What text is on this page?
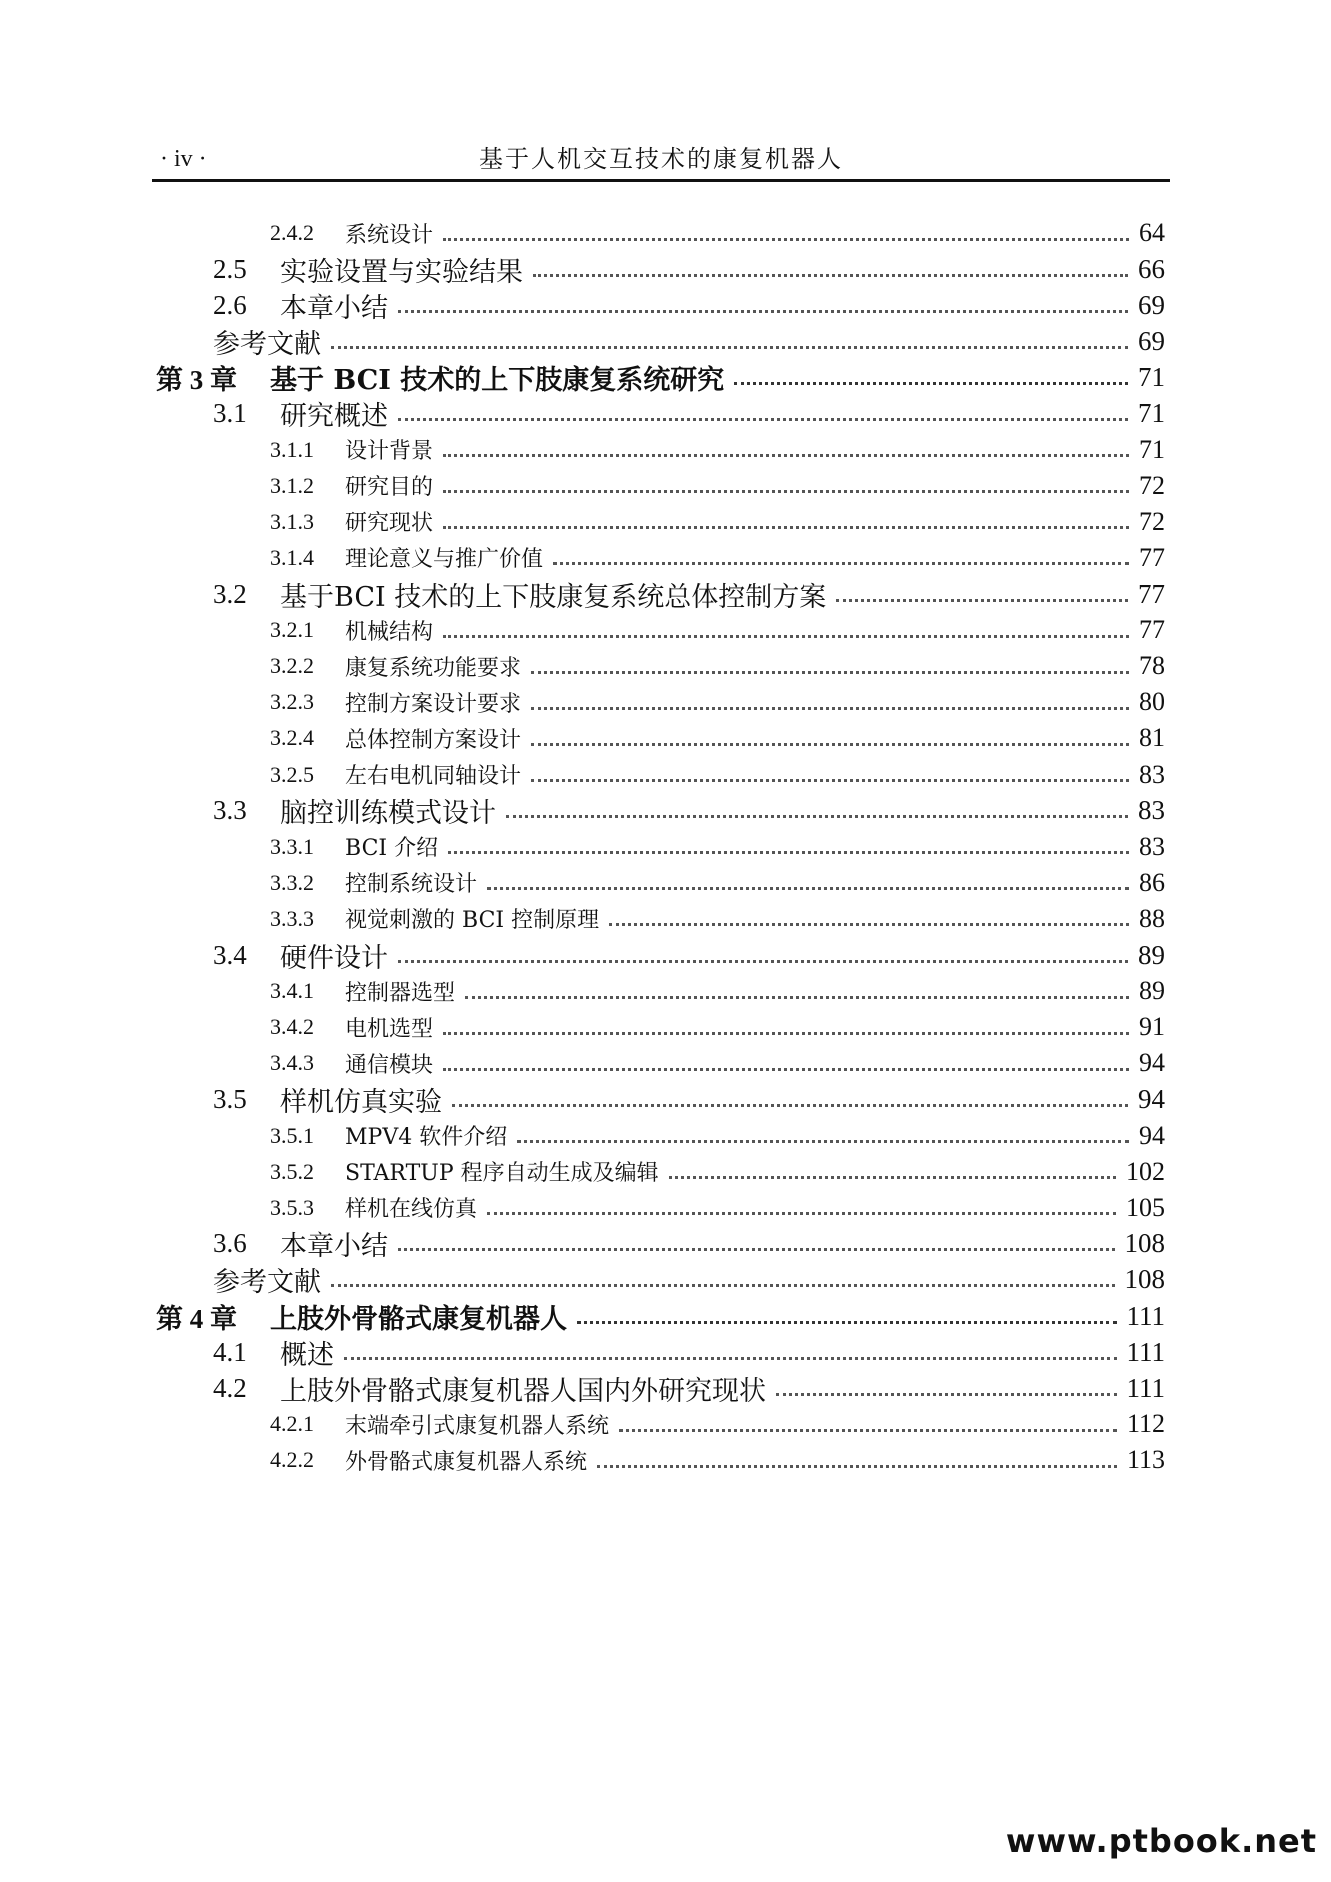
· iv ·	基于人机交互技术的康复机器人
2.4.2	系统设计	64
2.5	实验设置与实验结果	66
2.6	本章小结	69
参考文献	69
第 3 章	基于 BCI 技术的上下肢康复系统研究	71
3.1	研究概述	71
3.1.1	设计背景	71
3.1.2	研究目的	72
3.1.3	研究现状	72
3.1.4	理论意义与推广价值	77
3.2	基于BCI 技术的上下肢康复系统总体控制方案	77
3.2.1	机械结构	77
3.2.2	康复系统功能要求	78
3.2.3	控制方案设计要求	80
3.2.4	总体控制方案设计	81
3.2.5	左右电机同轴设计	83
3.3	脑控训练模式设计	83
3.3.1	BCI 介绍	83
3.3.2	控制系统设计	86
3.3.3	视觉刺激的 BCI 控制原理	88
3.4	硬件设计	89
3.4.1	控制器选型	89
3.4.2	电机选型	91
3.4.3	通信模块	94
3.5	样机仿真实验	94
3.5.1	MPV4 软件介绍	94
3.5.2	STARTUP 程序自动生成及编辑	102
3.5.3	样机在线仿真	105
3.6	本章小结	108
参考文献	108
第 4 章	上肢外骨骼式康复机器人	111
4.1	概述	111
4.2	上肢外骨骼式康复机器人国内外研究现状	111
4.2.1	末端牵引式康复机器人系统	112
4.2.2	外骨骼式康复机器人系统	113
www.ptbook.net
